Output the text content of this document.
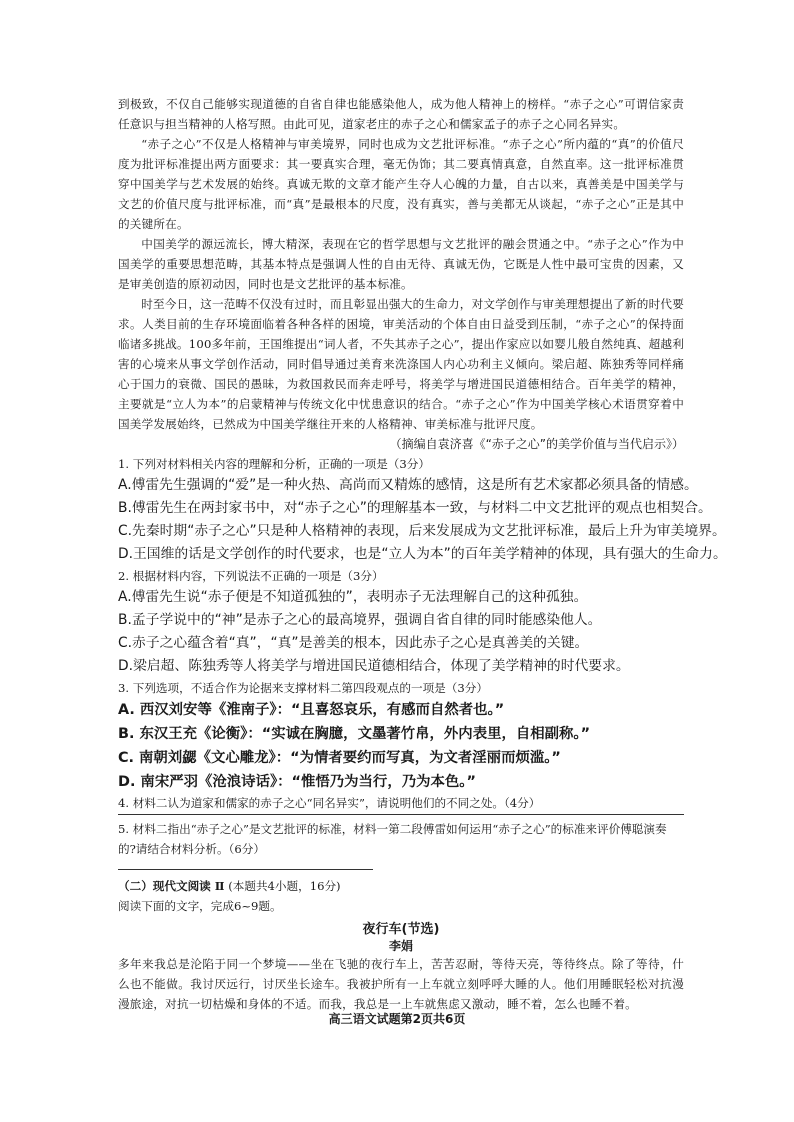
到极致，不仅自己能够实现道德的自省自律也能感染他人，成为他人精神上的榜样。“赤子之心”可谓信家责任意识与担当精神的人格写照。由此可见，道家老庄的赤子之心和儒家孟子的赤子之心同名异实。

“赤子之心”不仅是人格精神与审美境界，同时也成为文艺批评标准。“赤子之心”所内蕴的“真”的价值尺度为批评标准提出两方面要求：其一要真实合理，毫无伪饰；其二要真情真意，自然直率。这一批评标准贯穿中国美学与艺术发展的始终。真诚无欺的文章才能产生夺人心魄的力量，自古以来，真善美是中国美学与文艺的价值尺度与批评标准，而“真”是最根本的尺度，没有真实，善与美都无从谈起，“赤子之心”正是其中的关键所在。

中国美学的源远流长，博大精深，表现在它的哲学思想与文艺批评的融会贯通之中。“赤子之心”作为中国美学的重要思想范畴，其基本特点是强调人性的自由无待、真诚无伪，它既是人性中最可宝贵的因素，又是审美创造的原初动因，同时也是文艺批评的基本标准。

时至今日，这一范畴不仅没有过时，而且彰显出强大的生命力，对文学创作与审美理想提出了新的时代要求。人类目前的生存环境面临着各种各样的困境，审美活动的个体自由日益受到压制，“赤子之心”的保持面临诸多挑战。100多年前，王国维提出“词人者，不失其赤子之心”，提出作家应以如婴儿般自然纯真、超越利害的心境来从事文学创作活动，同时倡导通过美育来洗涤国人内心功利主义倾向。梁启超、陈独秀等同样痛心于国力的衰微、国民的愚昧，为救国救民而奔走呼号，将美学与增进国民道德相结合。百年美学的精神，主要就是“立人为本”的启蒙精神与传统文化中忧患意识的结合。“赤子之心”作为中国美学核心术语贯穿着中国美学发展始终，已然成为中国美学继往开来的人格精神、审美标准与批评尺度。

（摘编自袁济喜《“赤子之心”的美学价值与当代启示》）

1. 下列对材料相关内容的理解和分析，正确的一项是（3分）

A.傅雷先生强调的“爱”是一种火热、高尚而又精炼的感情，这是所有艺术家都必须具备的情感。

B.傅雷先生在两封家书中，对“赤子之心”的理解基本一致，与材料二中文艺批评的观点也相契合。

C.先秦时期“赤子之心”只是种人格精神的表现，后来发展成为文艺批评标准，最后上升为审美境界。

D.王国维的话是文学创作的时代要求，也是“立人为本”的百年美学精神的体现，具有强大的生命力。

2. 根据材料内容，下列说法不正确的一项是（3分）

A.傅雷先生说“赤子便是不知道孤独的”，表明赤子无法理解自己的这种孤独。

B.孟子学说中的“神”是赤子之心的最高境界，强调自省自律的同时能感染他人。

C.赤子之心蕴含着“真”，“真”是善美的根本，因此赤子之心是真善美的关键。

D.梁启超、陈独秀等人将美学与增进国民道德相结合，体现了美学精神的时代要求。

3. 下列选项，不适合作为论据来支撑材料二第四段观点的一项是（3分）

A. 西汉刘安等《淮南子》：“且喜怒哀乐，有感而自然者也。”

B. 东汉王充《论衡》：“实诚在胸臆，文墨著竹帛，外内表里，自相副称。”

C. 南朝刘勰《文心雕龙》：“为情者要约而写真，为文者淫丽而烦滥。”

D. 南宋严羽《沧浪诗话》：“惟悟乃为当行，乃为本色。”

4. 材料二认为道家和儒家的赤子之心“同名异实”，请说明他们的不同之处。（4分）

5. 材料二指出“赤子之心”是文艺批评的标准，材料一第二段傅雷如何运用“赤子之心”的标准来评价傅聪演奏的?请结合材料分析。（6分）

（二）现代文阅读 Ⅱ (本题共4小题，16分)

阅读下面的文字，完成6~9题。

夜行车(节选)

李娟

多年来我总是沦陷于同一个梦境——坐在飞驰的夜行车上，苦苦忍耐，等待天亮，等待终点。除了等待，什么也不能做。我讨厌远行，讨厌坐长途车。我被护所有一上车就立刻呼呼大睡的人。他们用睡眠轻松对抗漫漫旅途，对抗一切枯燥和身体的不适。而我，我总是一上车就焦虑又激动，睡不着，怎么也睡不着。

高三语文试题第2页共6页
